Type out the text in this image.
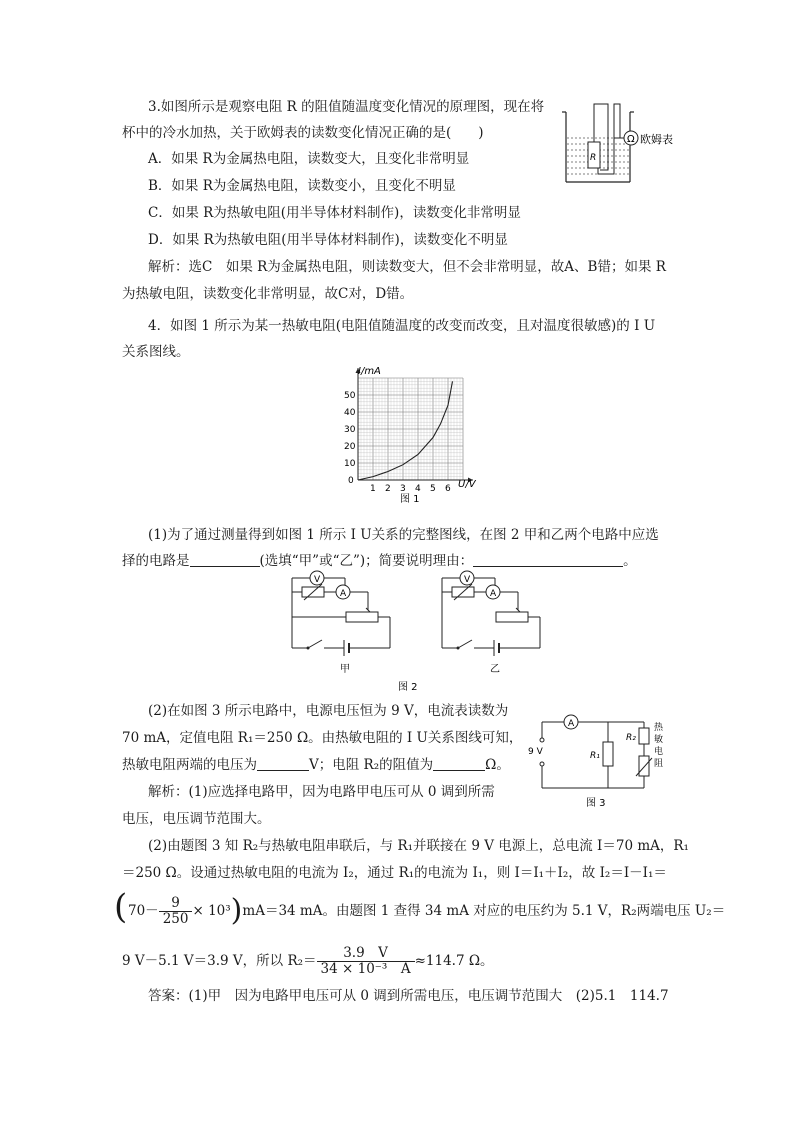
3.如图所示是观察电阻 R 的阻值随温度变化情况的原理图，现在将
杯中的冷水加热，关于欧姆表的读数变化情况正确的是(　　)
A．如果 R为金属热电阻，读数变大，且变化非常明显
B．如果 R为金属热电阻，读数变小，且变化不明显
C．如果 R为热敏电阻(用半导体材料制作)，读数变化非常明显
D．如果 R为热敏电阻(用半导体材料制作)，读数变化不明显
解析：选C　如果 R为金属热电阻，则读数变大，但不会非常明显，故A、B错；如果 R
为热敏电阻，读数变化非常明显，故C对，D错。
R
Ω 欧姆表
4．如图 1 所示为某一热敏电阻(电阻值随温度的改变而改变，且对温度很敏感)的 I U
关系图线。
1 2 3 4 5 6
10
20
30
40
50
I/mA
U/V
0
图 1
(1)为了通过测量得到如图 1 所示 I U关系的完整图线，在图 2 甲和乙两个电路中应选
择的电路是	(选填“甲”或“乙”)；简要说明理由：	。
V
A
甲
V
A
乙
图 2
(2)在如图 3 所示电路中，电源电压恒为 9 V，电流表读数为
70 mA，定值电阻 R₁＝250 Ω。由热敏电阻的 I U关系图线可知，
热敏电阻两端的电压为	V；电阻 R₂的阻值为	Ω。
A
9 V	R₁
R₂
热
敏
电
阻
图 3
解析：(1)应选择电路甲，因为电路甲电压可从 0 调到所需
电压，电压调节范围大。
(2)由题图 3 知 R₂与热敏电阻串联后，与 R₁并联接在 9 V 电源上，总电流 I＝70 mA，R₁
＝250 Ω。设通过热敏电阻的电流为 I₂，通过 R₁的电流为 I₁，则 I＝I₁＋I₂，故 I₂＝I－I₁＝
( $70- \frac{9}{250} \times 10^3)mA=34$ mA。由题图 1 查得 34 mA 对应的电压约为 5.1 V，R₂两端电压 U₂＝
9 V－5.1 V＝3.9 V，所以 $R_2= \frac{3.9 V}{\text{34 × 10⁻³　A}} \approx 114.7$ Ω。
答案：(1)甲　因为电路甲电压可从 0 调到所需电压，电压调节范围大　(2)5.1　114.7
